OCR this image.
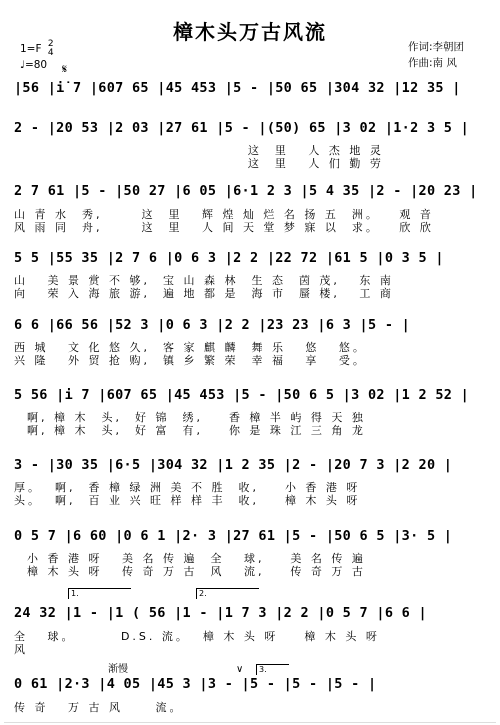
樟木头万古风流
1=F 2
4
♩=80
作词:李朝团
作曲:南 风
𝄋
|56 |i̇ 7 |607 65 |45 453 |5 - |50 65 |304 32 |12 35 |
2 - |20 53 |2 03 |27 61 |5 - |(50) 65 |3 02 |1·2 3 5 |
这  里   人 杰 地 灵
这  里   人 们 勤 劳
2 7 61 |5 - |50 27 |6 05 |6·1 2 3 |5 4 35 |2 - |20 23 |
山 青 水  秀,      这  里   辉 煌 灿 烂 名 扬 五  洲。   观 音
风 雨 同  舟,      这  里   人 间 天 堂 梦 寐 以  求。   欣 欣
5 5 |55 35 |2 7 6 |0 6 3 |2 2 |22 72 |61 5 |0 3 5 |
山   美 景 赏 不 够,  宝 山 森 林  生 态  茵 茂,   东 南
向   荣 入 海 旅 游,  遍 地 都 是  海 市  蜃 楼,   工 商
6 6 |66 56 |52 3 |0 6 3 |2 2 |23 23 |6 3 |5 - |
西 城   文 化 悠 久,  客 家 麒 麟  舞 乐   悠   悠。
兴 隆   外 贸 抢 购,  镇 乡 繁 荣  幸 福   享   受。
5 56 |i 7 |607 65 |45 453 |5 - |50 6 5 |3 02 |1 2 52 |
啊, 樟 木  头,  好 锦  绣,    香 樟 半 屿 得 天 独
啊, 樟 木  头,  好 富  有,    你 是 珠 江 三 角 龙
3 - |30 35 |6·5 |304 32 |1 2 35 |2 - |20 7 3 |2 20 |
厚。  啊,  香 樟 绿 洲 美 不 胜  收,    小 香 港 呀
头。  啊,  百 业 兴 旺 样 样 丰  收,    樟 木 头 呀
0 5 7 |6 60 |0 6 1 |2· 3 |27 61 |5 - |50 6 5 |3· 5 |
小 香 港 呀   美 名 传 遍  全   球,    美 名 传 遍
樟 木 头 呀   传 奇 万 古  风   流,    传 奇 万 古
1.	2.
24 32 |1 - |1 ( 56 |1 - |1 7 3 |2 2 |0 5 7 |6 6 |
全   球。       D.S. 流。  樟 木 头 呀    樟 木 头 呀
风
渐慢	3.
∨
0 61 |2·3 |4 05 |45 3 |3 - |5 - |5 - |5 - |
传 奇   万 古 风     流。
